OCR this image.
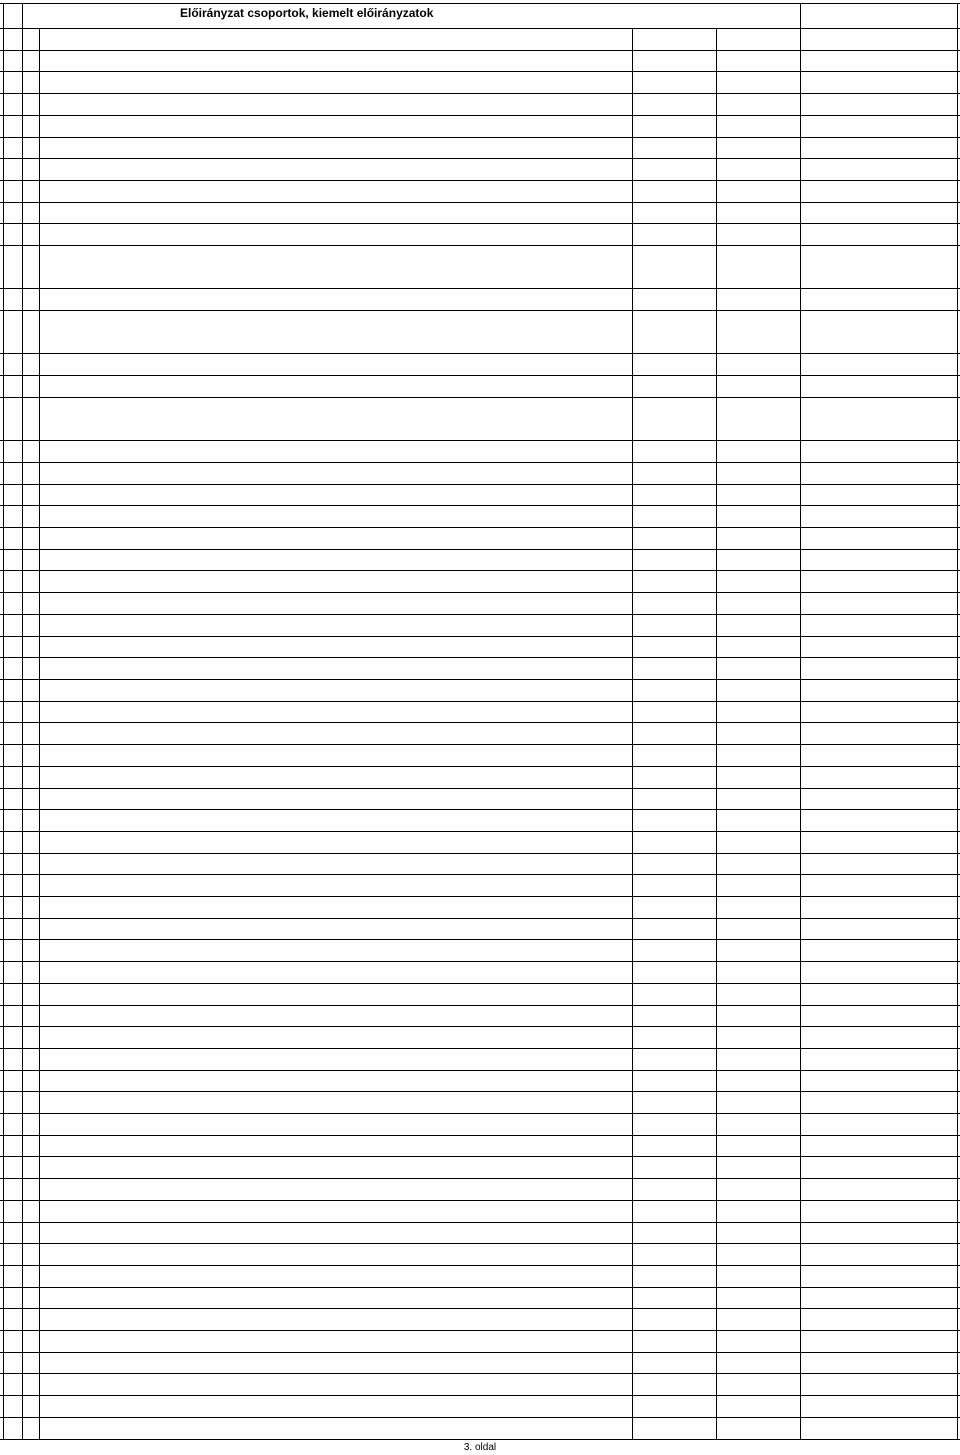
Előirányzat csoportok, kiemelt előirányzatok
3. oldal
